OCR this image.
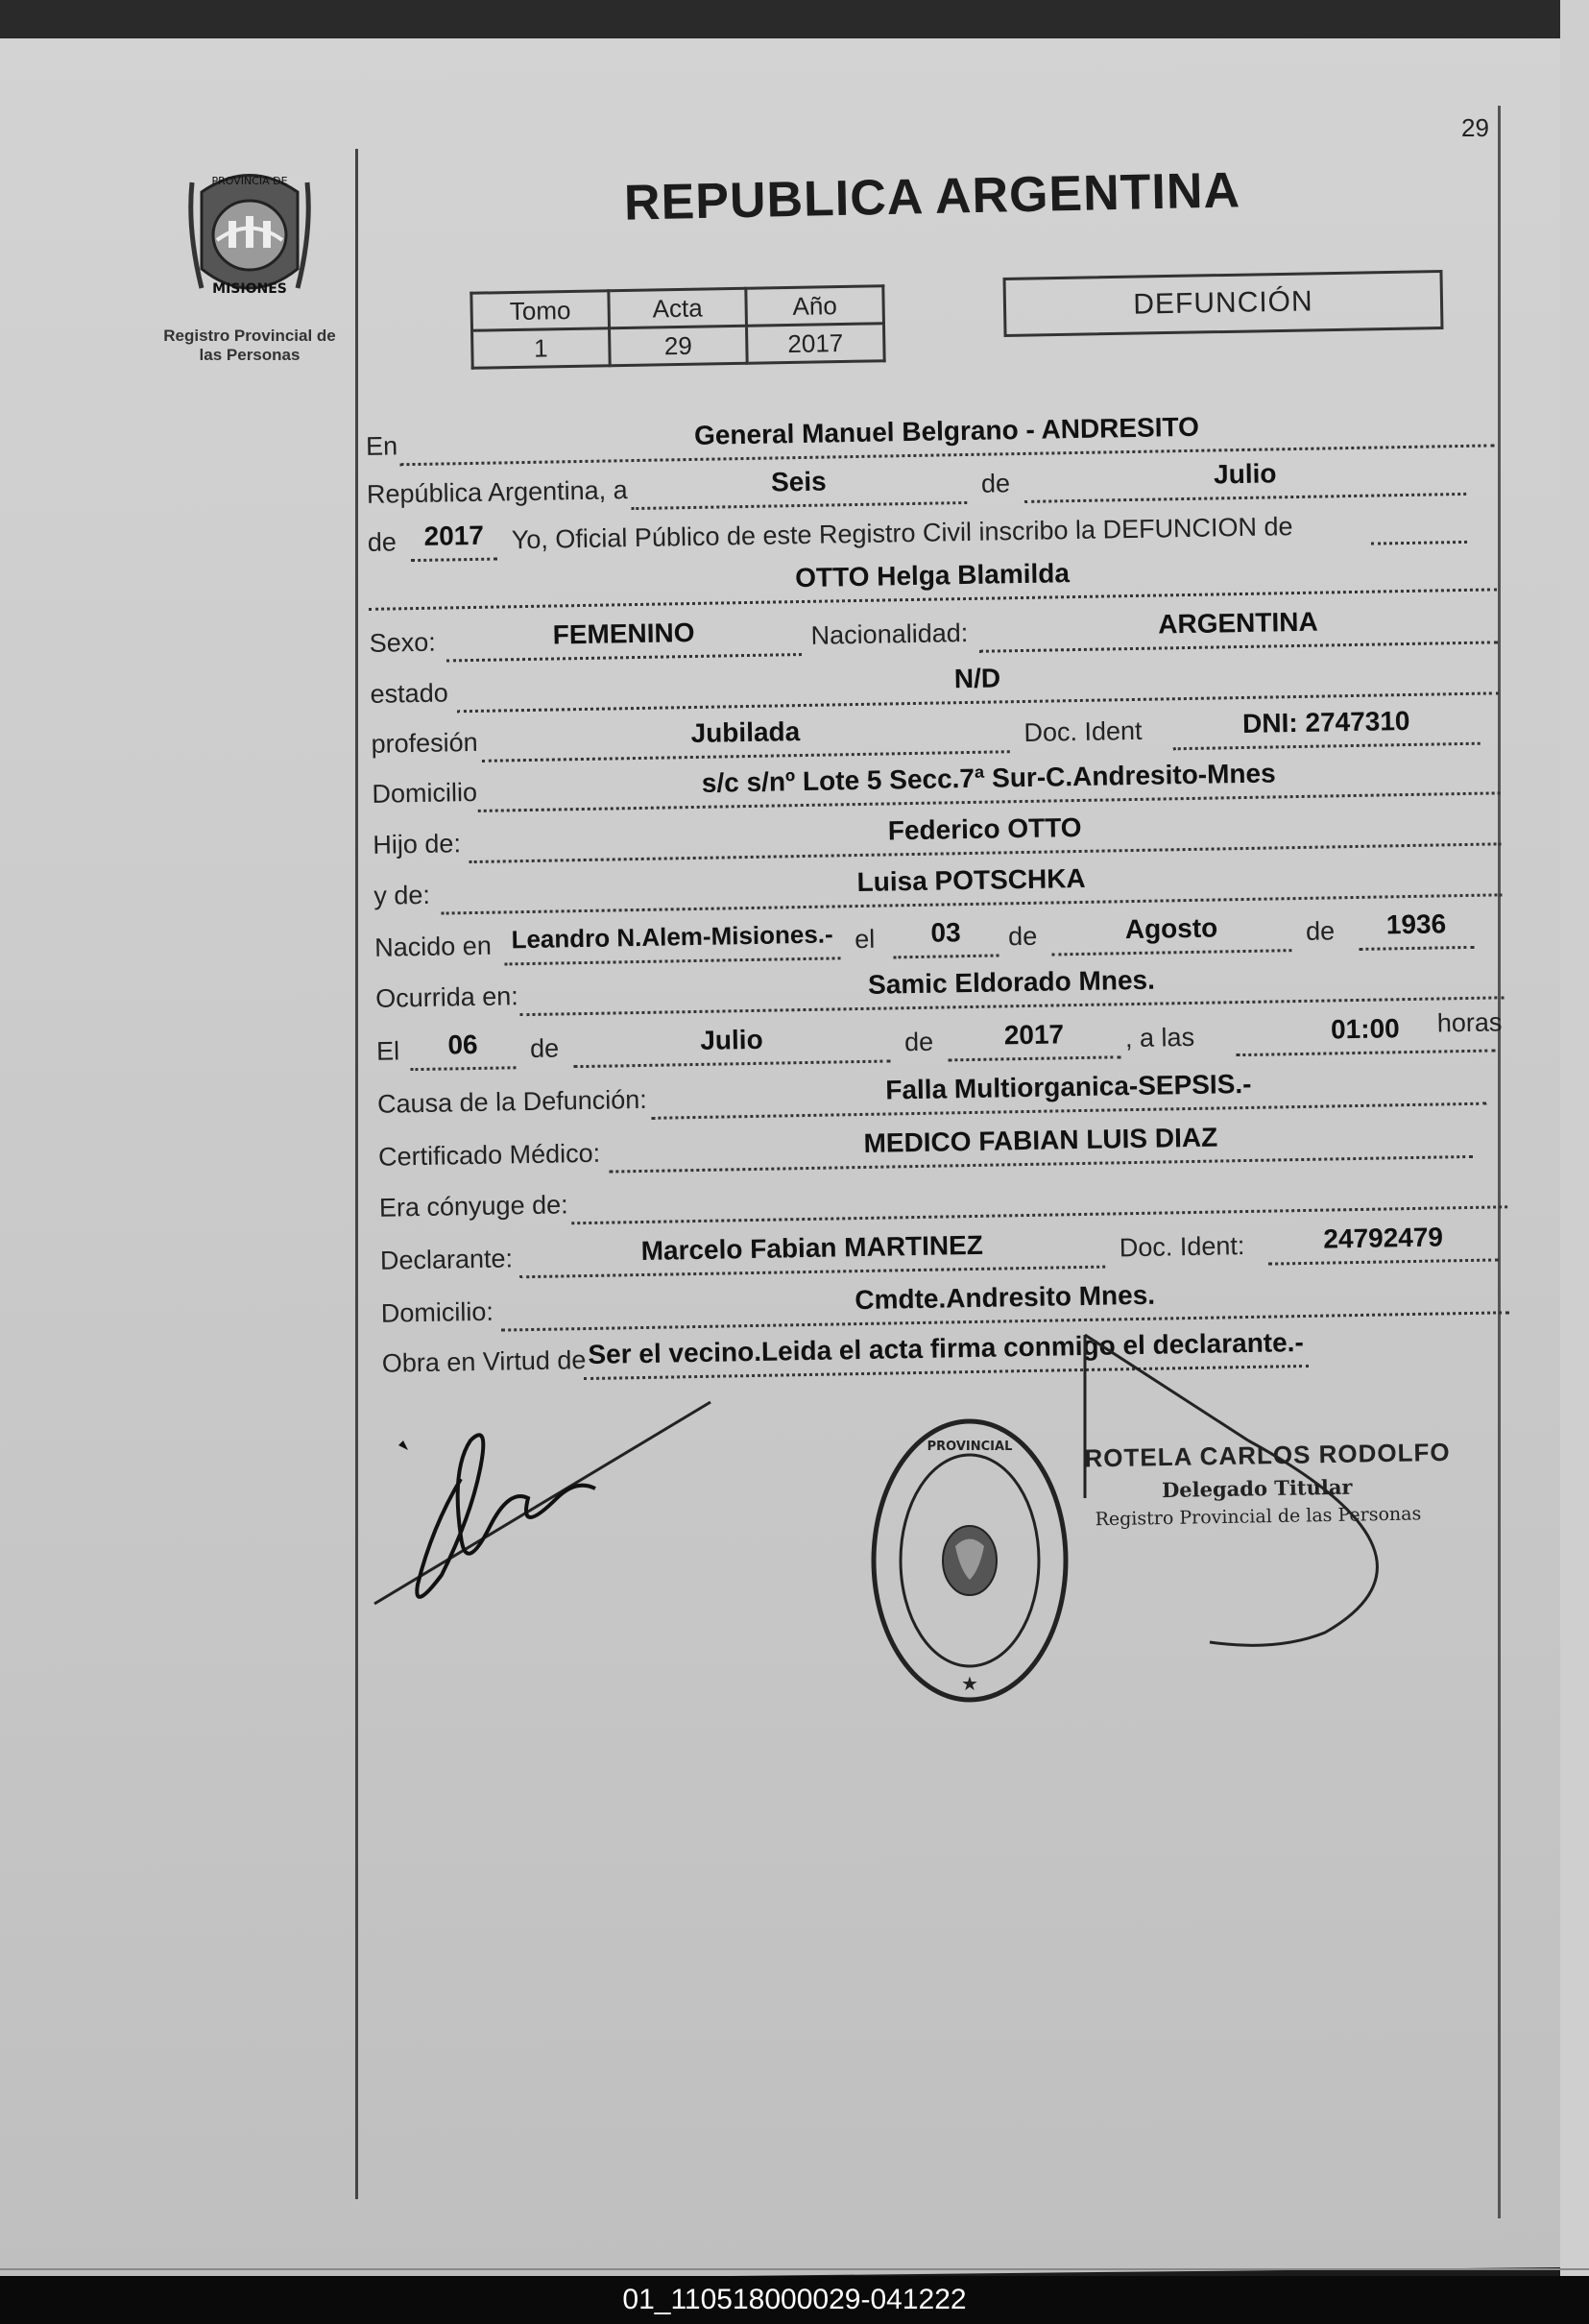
29
PROVINCIA DE
MISIONES
Registro Provincial de las Personas
REPUBLICA ARGENTINA
Tomo	Acta	Año
1	29	2017
DEFUNCIÓN
En	General Manuel Belgrano - ANDRESITO
República Argentina, a	Seis	de	Julio
de	2017	Yo, Oficial Público de este Registro Civil inscribo la DEFUNCION de
OTTO Helga Blamilda
Sexo:	FEMENINO	Nacionalidad:	ARGENTINA
estado	N/D
profesión	Jubilada	Doc. Ident	DNI: 2747310
Domicilio	s/c s/nº Lote 5 Secc.7ª Sur-C.Andresito-Mnes
Hijo de:	Federico OTTO
y de:	Luisa POTSCHKA
Nacido en Leandro N.Alem-Misiones.- el	03	de	Agosto	de	1936
Ocurrida en:	Samic Eldorado Mnes.
El	06	de	Julio	de	2017	, a las	01:00	horas
Causa de la Defunción:	Falla Multiorganica-SEPSIS.-
Certificado Médico:	MEDICO FABIAN LUIS DIAZ
Era cónyuge de:
Declarante:	Marcelo Fabian MARTINEZ	Doc. Ident:	24792479
Domicilio:	Cmdte.Andresito Mnes.
Obra en Virtud de Ser el vecino.Leida el acta firma conmigo el declarante.-
PROVINCIAL
★
ROTELA CARLOS RODOLFO
Delegado Titular
Registro Provincial de las Personas
01_110518000029-041222
